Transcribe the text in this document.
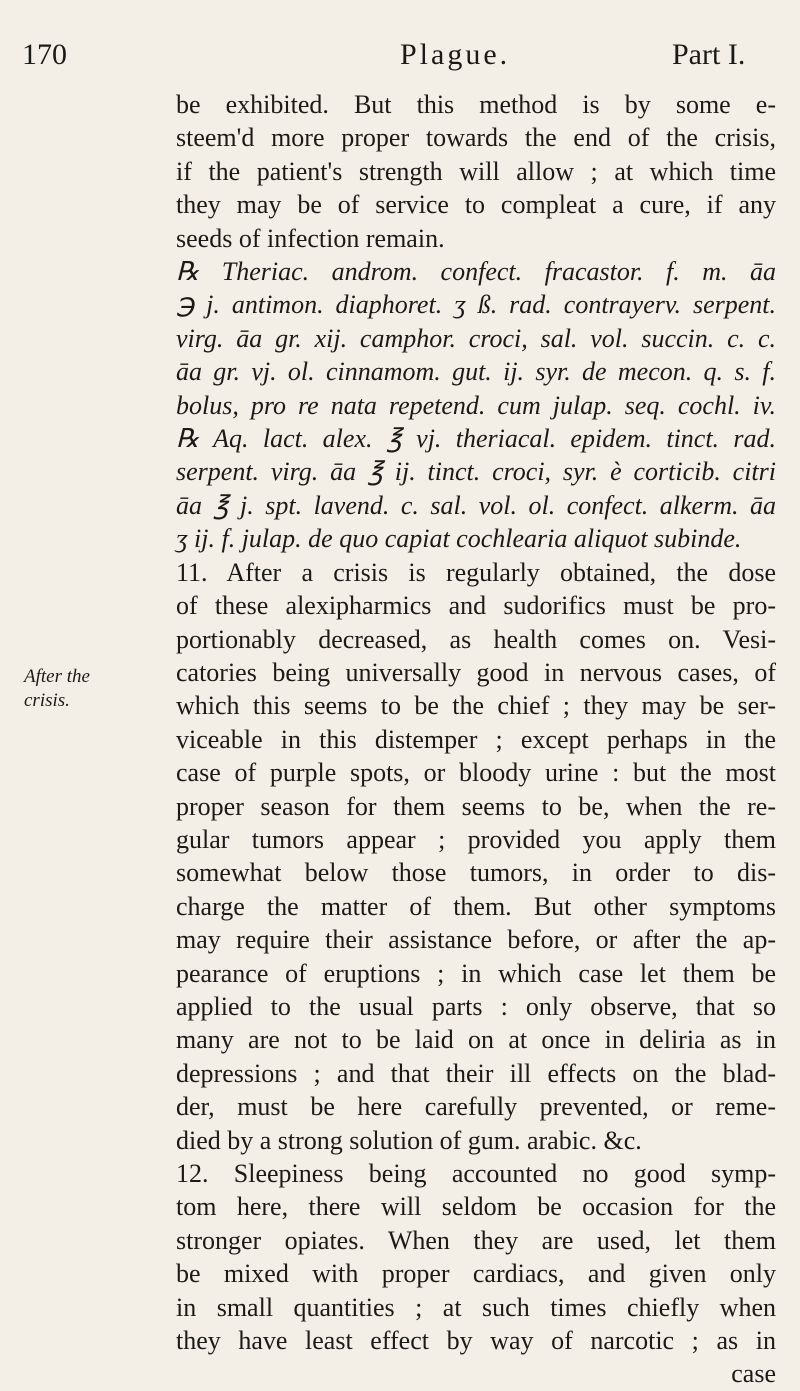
170	Plague.	Part I.
After the
crisis.
be exhibited. But this method is by some e-
steem'd more proper towards the end of the crisis,
if the patient's strength will allow ; at which time
they may be of service to compleat a cure, if any
seeds of infection remain.
℞ Theriac. androm. confect. fracastor. f. m. āa
℈ j. antimon. diaphoret. ʒ ß. rad. contrayerv. serpent.
virg. āa gr. xij. camphor. croci, sal. vol. succin. c. c.
āa gr. vj. ol. cinnamom. gut. ij. syr. de mecon. q. s. f.
bolus, pro re nata repetend. cum julap. seq. cochl. iv.
℞ Aq. lact. alex. ℥ vj. theriacal. epidem. tinct. rad.
serpent. virg. āa ℥ ij. tinct. croci, syr. è corticib. citri
āa ℥ j. spt. lavend. c. sal. vol. ol. confect. alkerm. āa
ʒ ij. f. julap. de quo capiat cochlearia aliquot subinde.
11. After a crisis is regularly obtained, the dose
of these alexipharmics and sudorifics must be pro-
portionably decreased, as health comes on. Vesi-
catories being universally good in nervous cases, of
which this seems to be the chief ; they may be ser-
viceable in this distemper ; except perhaps in the
case of purple spots, or bloody urine : but the most
proper season for them seems to be, when the re-
gular tumors appear ; provided you apply them
somewhat below those tumors, in order to dis-
charge the matter of them. But other symptoms
may require their assistance before, or after the ap-
pearance of eruptions ; in which case let them be
applied to the usual parts : only observe, that so
many are not to be laid on at once in deliria as in
depressions ; and that their ill effects on the blad-
der, must be here carefully prevented, or reme-
died by a strong solution of gum. arabic. &c.
12. Sleepiness being accounted no good symp-
tom here, there will seldom be occasion for the
stronger opiates. When they are used, let them
be mixed with proper cardiacs, and given only
in small quantities ; at such times chiefly when
they have least effect by way of narcotic ; as in
case
